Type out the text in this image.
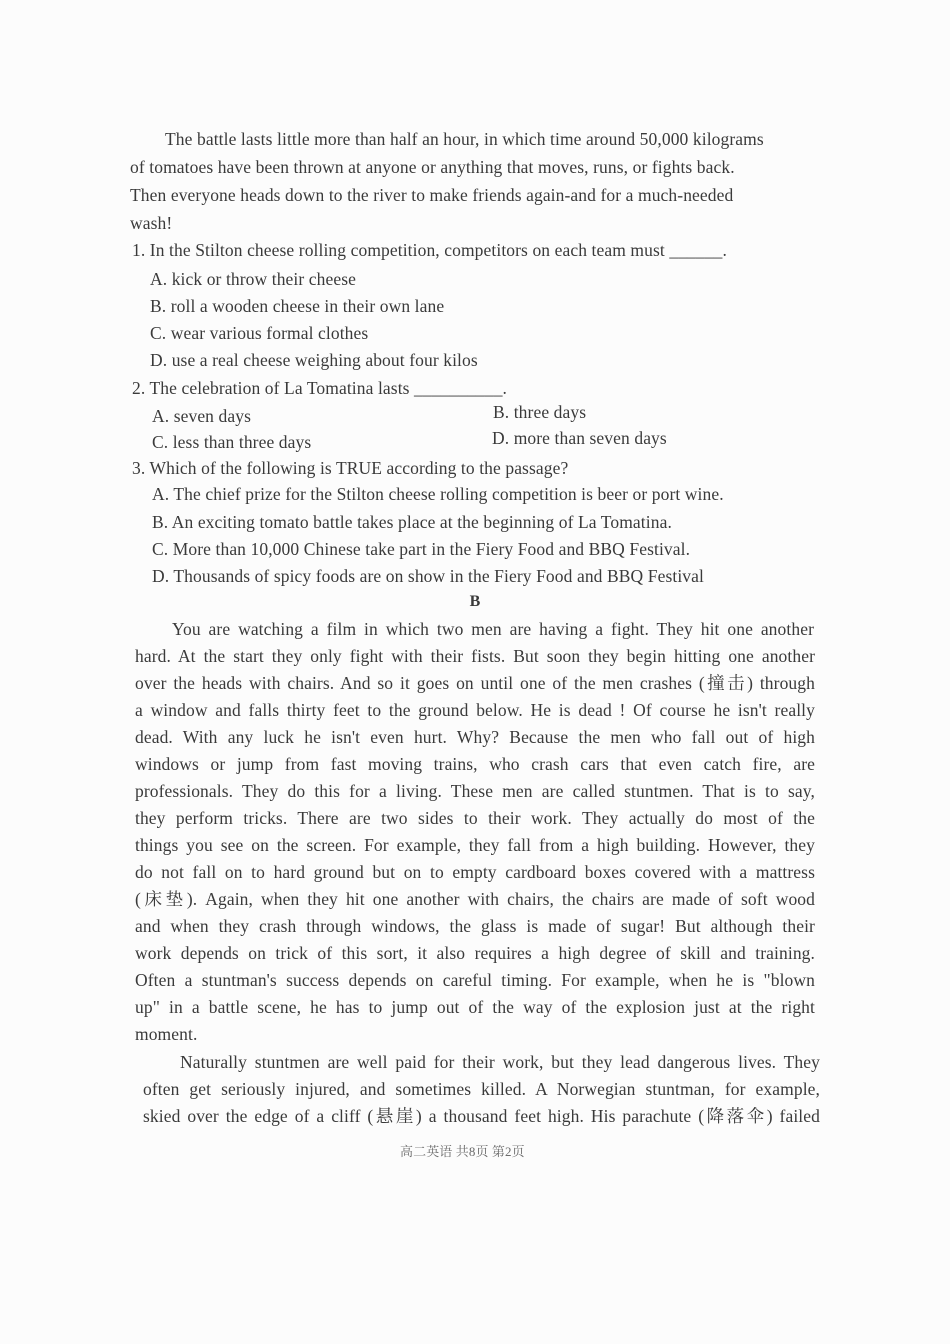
The battle lasts little more than half an hour, in which time around 50,000 kilograms
of tomatoes have been thrown at anyone or anything that moves, runs, or fights back.
Then everyone heads down to the river to make friends again-and for a much-needed
wash!
1. In the Stilton cheese rolling competition, competitors on each team must ______.
A. kick or throw their cheese
B. roll a wooden cheese in their own lane
C. wear various formal clothes
D. use a real cheese weighing about four kilos
2. The celebration of La Tomatina lasts __________.
A. seven days	B. three days
C. less than three days	D. more than seven days
3. Which of the following is TRUE according to the passage?
A. The chief prize for the Stilton cheese rolling competition is beer or port wine.
B. An exciting tomato battle takes place at the beginning of La Tomatina.
C. More than 10,000 Chinese take part in the Fiery Food and BBQ Festival.
D. Thousands of spicy foods are on show in the Fiery Food and BBQ Festival
B
You are watching a film in which two men are having a fight. They hit one another
hard. At the start they only fight with their fists. But soon they begin hitting one another
over the heads with chairs. And so it goes on until one of the men crashes (撞击) through
a window and falls thirty feet to the ground below. He is dead ! Of course he isn't really
dead. With any luck he isn't even hurt. Why? Because the men who fall out of high
windows or jump from fast moving trains, who crash cars that even catch fire, are
professionals. They do this for a living. These men are called stuntmen. That is to say,
they perform tricks. There are two sides to their work. They actually do most of the
things you see on the screen. For example, they fall from a high building. However, they
do not fall on to hard ground but on to empty cardboard boxes covered with a mattress
(床垫). Again, when they hit one another with chairs, the chairs are made of soft wood
and when they crash through windows, the glass is made of sugar! But although their
work depends on trick of this sort, it also requires a high degree of skill and training.
Often a stuntman's success depends on careful timing. For example, when he is "blown
up" in a battle scene, he has to jump out of the way of the explosion just at the right
moment.
Naturally stuntmen are well paid for their work, but they lead dangerous lives. They
often get seriously injured, and sometimes killed. A Norwegian stuntman, for example,
skied over the edge of a cliff (悬崖) a thousand feet high. His parachute (降落伞) failed
高二英语 共8页 第2页
